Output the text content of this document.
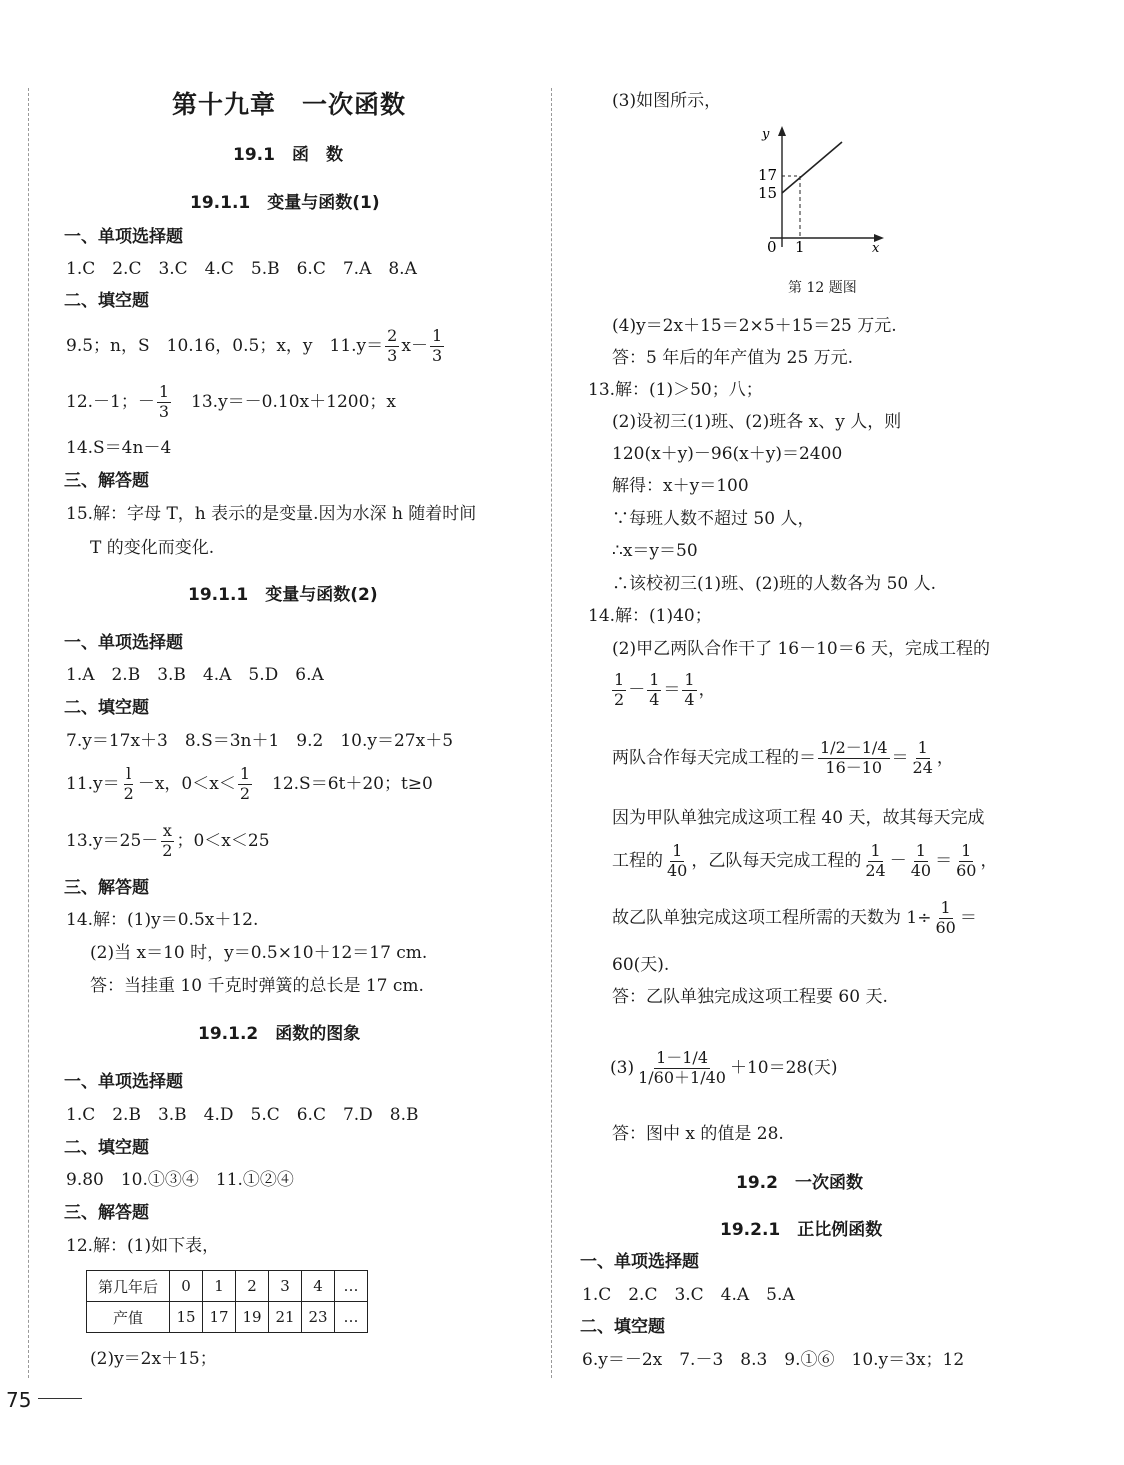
第十九章　一次函数
19.1　函　数
19.1.1　变量与函数(1)
一、单项选择题
1.C　2.C　3.C　4.C　5.B　6.C　7.A　8.A
二、填空题
9.5；n，S　10.16，0.5；x，y　$11.y= \frac{2}{3} x- \frac{1}{3}$
12.－1；－ $\frac{1}{3} 13.y=-0.10x+1200$；x
14.S＝4n－4
三、解答题
15.解：字母 T，h 表示的是变量.因为水深 h 随着时间
T 的变化而变化.
19.1.1　变量与函数(2)
一、单项选择题
1.A　2.B　3.B　4.A　5.D　6.A
二、填空题
7.y＝17x＋3　8.S＝3n＋1　9.2　10.y＝27x＋5
$11.y= \frac{l}{2} -x$，$0<x< \frac{1}{2} 12.S=6t+20$；t≥0
$13.y=25- \frac{x}{2}$ ；0＜x＜25
三、解答题
14.解：(1)y＝0.5x＋12.
(2)当 x＝10 时，y＝0.5×10＋12＝17 cm.
答：当挂重 10 千克时弹簧的总长是 17 cm.
19.1.2　函数的图象
一、单项选择题
1.C　2.B　3.B　4.D　5.C　6.C　7.D　8.B
二、填空题
9.80　10.①③④　11.①②④
三、解答题
12.解：(1)如下表，
第几年后	0	1	2	3	4	…
产值	15	17	19	21	23	…
(2)y＝2x＋15；
75
(3)如图所示，
y
x
17
15
0 1
第 12 题图
(4)y＝2x＋15＝2×5＋15＝25 万元.
答：5 年后的年产值为 25 万元.
13.解：(1)＞50；八；
(2)设初三(1)班、(2)班各 x、y 人，则
120(x＋y)－96(x＋y)＝2400
解得：x＋y＝100
∵每班人数不超过 50 人，
∴x＝y＝50
∴该校初三(1)班、(2)班的人数各为 50 人.
14.解：(1)40；
(2)甲乙两队合作干了 16－10＝6 天，完成工程的
$\frac{1}{2} - \frac{1}{4} = \frac{1}{4}$ ，
两队合作每天完成工程的＝ $\frac{1/2-1/4}{16-10} = \frac{1}{24}$ ，
因为甲队单独完成这项工程 40 天，故其每天完成
工程的 $\frac{1}{40}$ ，乙队每天完成工程的 $\frac{1}{24} - \frac{1}{40} = \frac{1}{60}$ ，
故乙队单独完成这项工程所需的天数为 $1\div \frac{1}{60}$ ＝
60(天).
答：乙队单独完成这项工程要 60 天.
$(3) \frac{1-1/4}{1/60+1/40} +10=28$(天)
答：图中 x 的值是 28.
19.2　一次函数
19.2.1　正比例函数
一、单项选择题
1.C　2.C　3.C　4.A　5.A
二、填空题
6.y＝－2x　7.－3　8.3　9.①⑥　10.y＝3x；12
